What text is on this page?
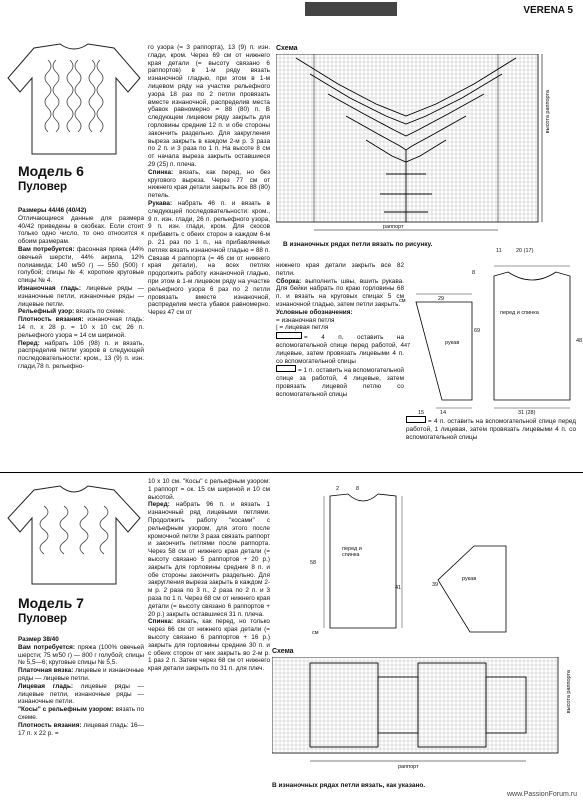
VERENA 5
Модель 6
Пуловер

Размеры 44/46 (40/42)

Отличающиеся данные для размера 40/42 приведены в скобках. Если стоит только одно число, то оно относится к обоим размерам.

Вам потребуется: фасонная пряжа (44% овечьей шерсти, 44% акрила, 12% полиамида; 140 м/50 г) — 550 (500) г голубой; спицы № 4; короткие круговые спицы № 4.

Изнаночная гладь: лицевые ряды — изнаночные петли, изнаночные ряды — лицевые петли.

Рельефный узор: вязать по схеме.

Плотность вязания: изнаночная гладь: 14 п. x 28 р. = 10 x 10 см; 26 п. рельефного узора = 14 см шириной.

Перед: набрать 106 (98) п. и вязать, распределив петли узоров в следующей последовательности: кром., 13 (9) п. изн. глади,78 п. рельефно-

го узора (= 3 раппорта), 13 (9) п. изн. глади, кром. Через 69 см от нижнего края детали (= высоту связано 6 раппортов) в 1-м ряду вязать изнаночной гладью, при этом в 1-м лицевом ряду на участке рельефного узора 18 раз по 2 петли провязать вместе изнаночной, распределив места убавок равномерно = 88 (80) п. В следующем лицевом ряду закрыть для горловины средние 12 п. и обе стороны закончить раздельно. Для закругления выреза закрыть в каждом 2-м р. 3 раза по 2 п. и 3 раза по 1 п. На высоте 8 см от начала выреза закрыть оставшиеся 29 (25) п. плеча.

Спинка: вязать, как перед, но без кругового выреза. Через 77 см от нижнего края детали закрыть все 88 (80) петель.

Рукава: набрать 46 п. и вязать в следующей последовательности: кром., 9 п. изн. глади, 26 п. рельефного узора, 9 п. изн. глади, кром. Для скосов прибавить с обеих сторон в каждом 6-м р. 21 раз по 1 п., на прибавляемых петлях вязать изнаночной гладью = 88 п. Связав 4 раппорта (= 46 см от нижнего края детали), на всех петлях продолжить работу изнаночной гладью, при этом в 1-м лицевом ряду на участке рельефного узора 6 раз по 2 петли провязать вместе изнаночной, распределив места убавок равномерно. Через 47 см от

Схема
высота раппорта
раппорт
В изнаночных рядах петли вязать по рисунку.

нижнего края детали закрыть все 82 петли.

Сборка: выполнить швы, вшить рукава. Для бейки набрать по краю горловины 68 п. и вязать на круговых спицах 5 см изнаночной гладью, затем петли закрыть.

Условные обозначения:

= изнаночная петля

| = лицевая петля

= 4 п. оставить на вспомогательной спице перед работой, 4 лицевые, затем провязать лицевыми 4 п. со вспомогательной спицы

= 1 п. оставить на вспомогательной спице за работой, 4 лицевые, затем провязать лицевой петлю со вспомогательной спицы

29
рукав
47
15	14
см
11	20 (17)
8
69
48
перед и спинка
31 (28)

= 4 п. оставить на вспомогательной спице перед работой, 1 лицевая, затем провязать лицевыми 4 п. со вспомогательной спицы

Модель 7
Пуловер

Размер 38/40

Вам потребуется: пряжа (100% овечьей шерсти; 75 м/50 г) — 800 г голубой; спицы № 5,5—6; круговые спицы № 5,5.

Платочная вязка: лицевые и изнаночные ряды — лицевые петли.

Лицевая гладь: лицевые ряды — лицевые петли, изнаночные ряды — изнаночные петли.

"Косы" с рельефным узором: вязать по схеме.

Плотность вязания: лицевая гладь: 16—17 п. x 22 р. =

10 x 10 см. "Косы" с рельефным узором: 1 раппорт = ок. 15 см шириной и 10 см высотой.

Перед: набрать 96 п. и вязать 1 изнаночный ряд лицевыми петлями. Продолжить работу "косами" с рельефным узором, для этого после кромочной петли 3 раза связать раппорт и закончить петлями после раппорта. Через 58 см от нижнего края детали (= высоту связано 5 раппортов + 20 р.) закрыть для горловины средние 8 п. и обе стороны закончить раздельно. Для закругления выреза закрыть в каждом 2-м р. 2 раза по 3 п., 2 раза по 2 п. и 3 раза по 1 п. Через 68 см от нижнего края детали (= высоту связано 6 раппортов + 20 р.) закрыть оставшиеся 31 п. плеча.

Спинка: вязать, как перед, но только через 66 см от нижнего края детали (= высоту связано 6 раппортов + 16 р.) закрыть для горловины средние 30 п. и с обеих сторон от них закрыть во 2-м р. 1 раз 2 п. Затем через 68 см от нижнего края детали закрыть по 31 п. для плеч.

2	8
58
41
перед и спинка
см
рукав
39
Схема
высота раппорта
раппорт
В изнаночных рядах петли вязать, как указано.
www.PassionForum.ru
